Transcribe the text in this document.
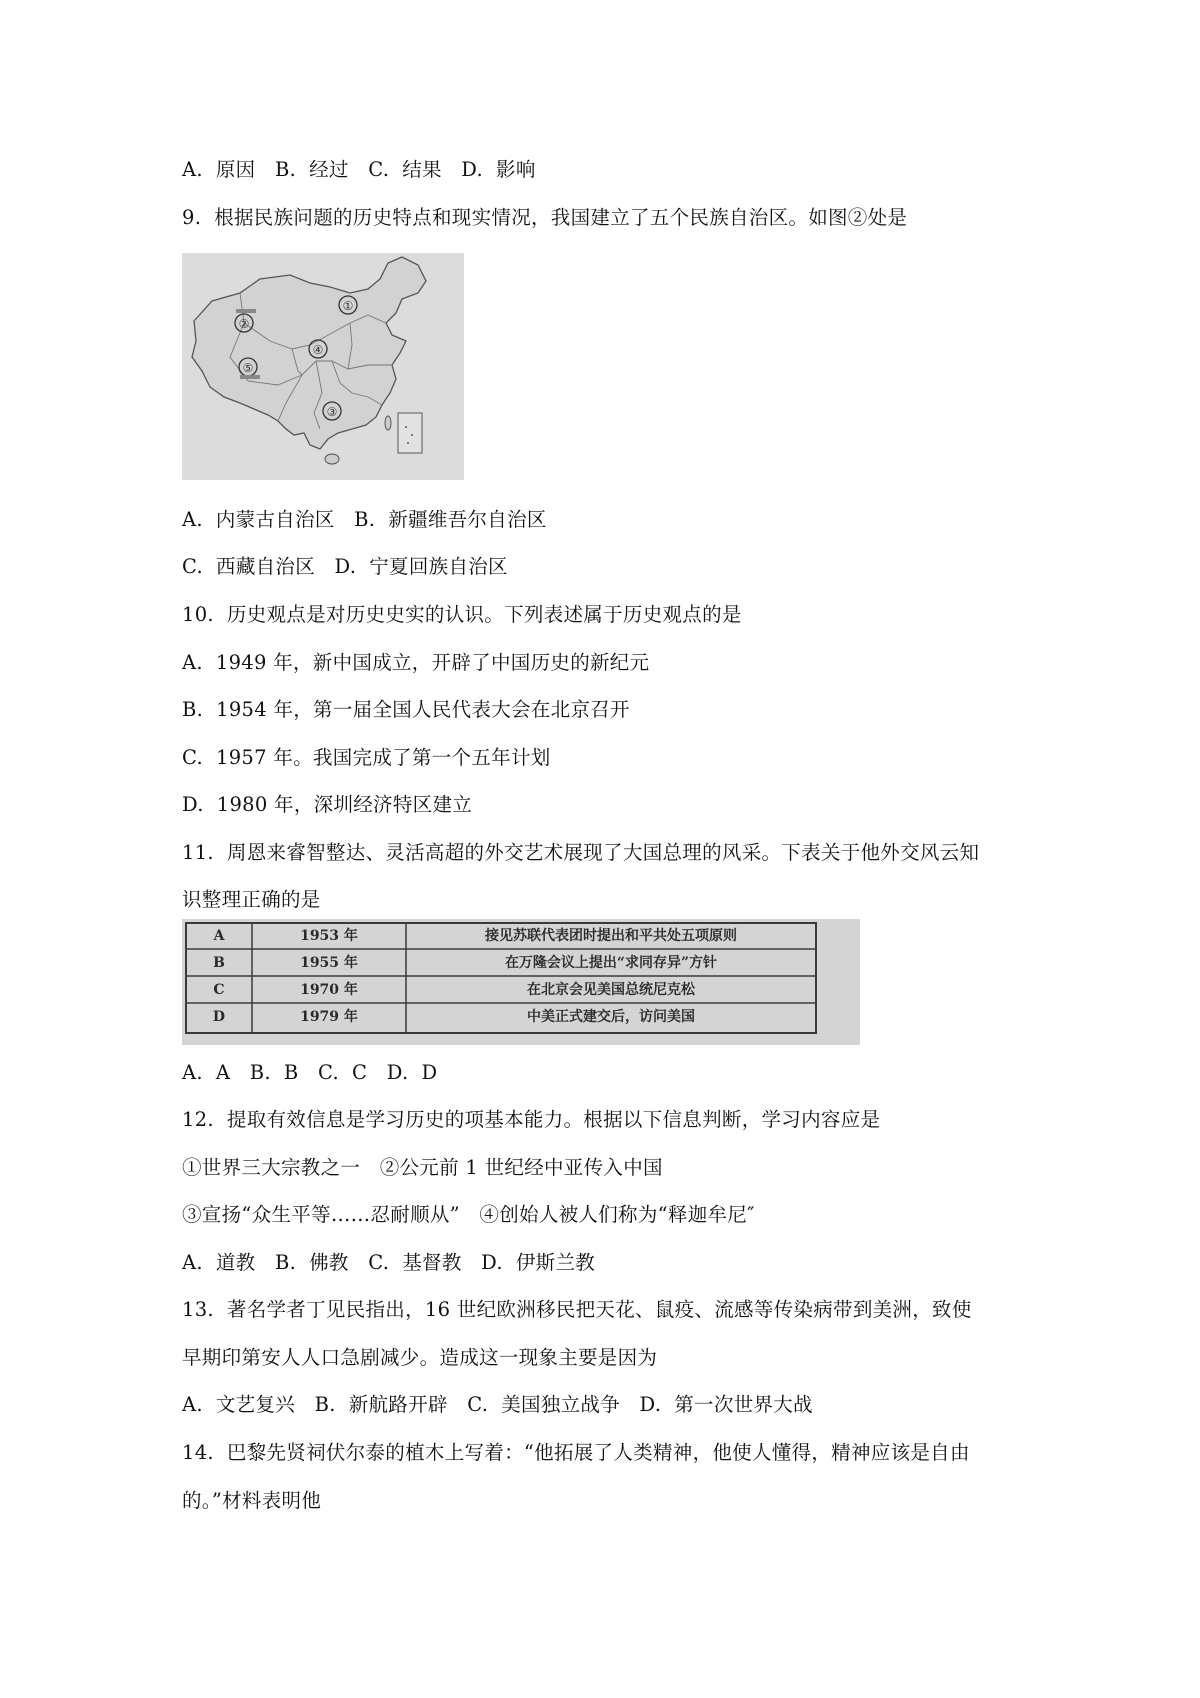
A.  原因   B.  经过   C.  结果   D.  影响
9.  根据民族问题的历史特点和现实情况，我国建立了五个民族自治区。如图②处是
①
②
③
④
⑤
A.  内蒙古自治区   B.  新疆维吾尔自治区
C.  西藏自治区   D.  宁夏回族自治区
10.  历史观点是对历史史实的认识。下列表述属于历史观点的是
A.  1949 年，新中国成立，开辟了中国历史的新纪元
B.  1954 年，第一届全国人民代表大会在北京召开
C.  1957 年。我国完成了第一个五年计划
D.  1980 年，深圳经济特区建立
11.  周恩来睿智整达、灵活高超的外交艺术展现了大国总理的风采。下表关于他外交风云知
识整理正确的是
A	1953 年	接见苏联代表团时提出和平共处五项原则
B	1955 年	在万隆会议上提出“求同存异”方针
C	1970 年	在北京会见美国总统尼克松
D	1979 年	中美正式建交后，访问美国
A.  A   B.  B   C.  C   D.  D
12.  提取有效信息是学习历史的项基本能力。根据以下信息判断，学习内容应是
①世界三大宗教之一   ②公元前 1 世纪经中亚传入中国
③宣扬“众生平等……忍耐顺从”   ④创始人被人们称为“释迦牟尼″
A.  道教   B.  佛教   C.  基督教   D.  伊斯兰教
13.  著名学者丁见民指出，16 世纪欧洲移民把天花、鼠疫、流感等传染病带到美洲，致使
早期印第安人人口急剧减少。造成这一现象主要是因为
A.  文艺复兴   B.  新航路开辟   C.  美国独立战争   D.  第一次世界大战
14.  巴黎先贤祠伏尔泰的植木上写着：“他拓展了人类精神，他使人懂得，精神应该是自由
的。”材料表明他
